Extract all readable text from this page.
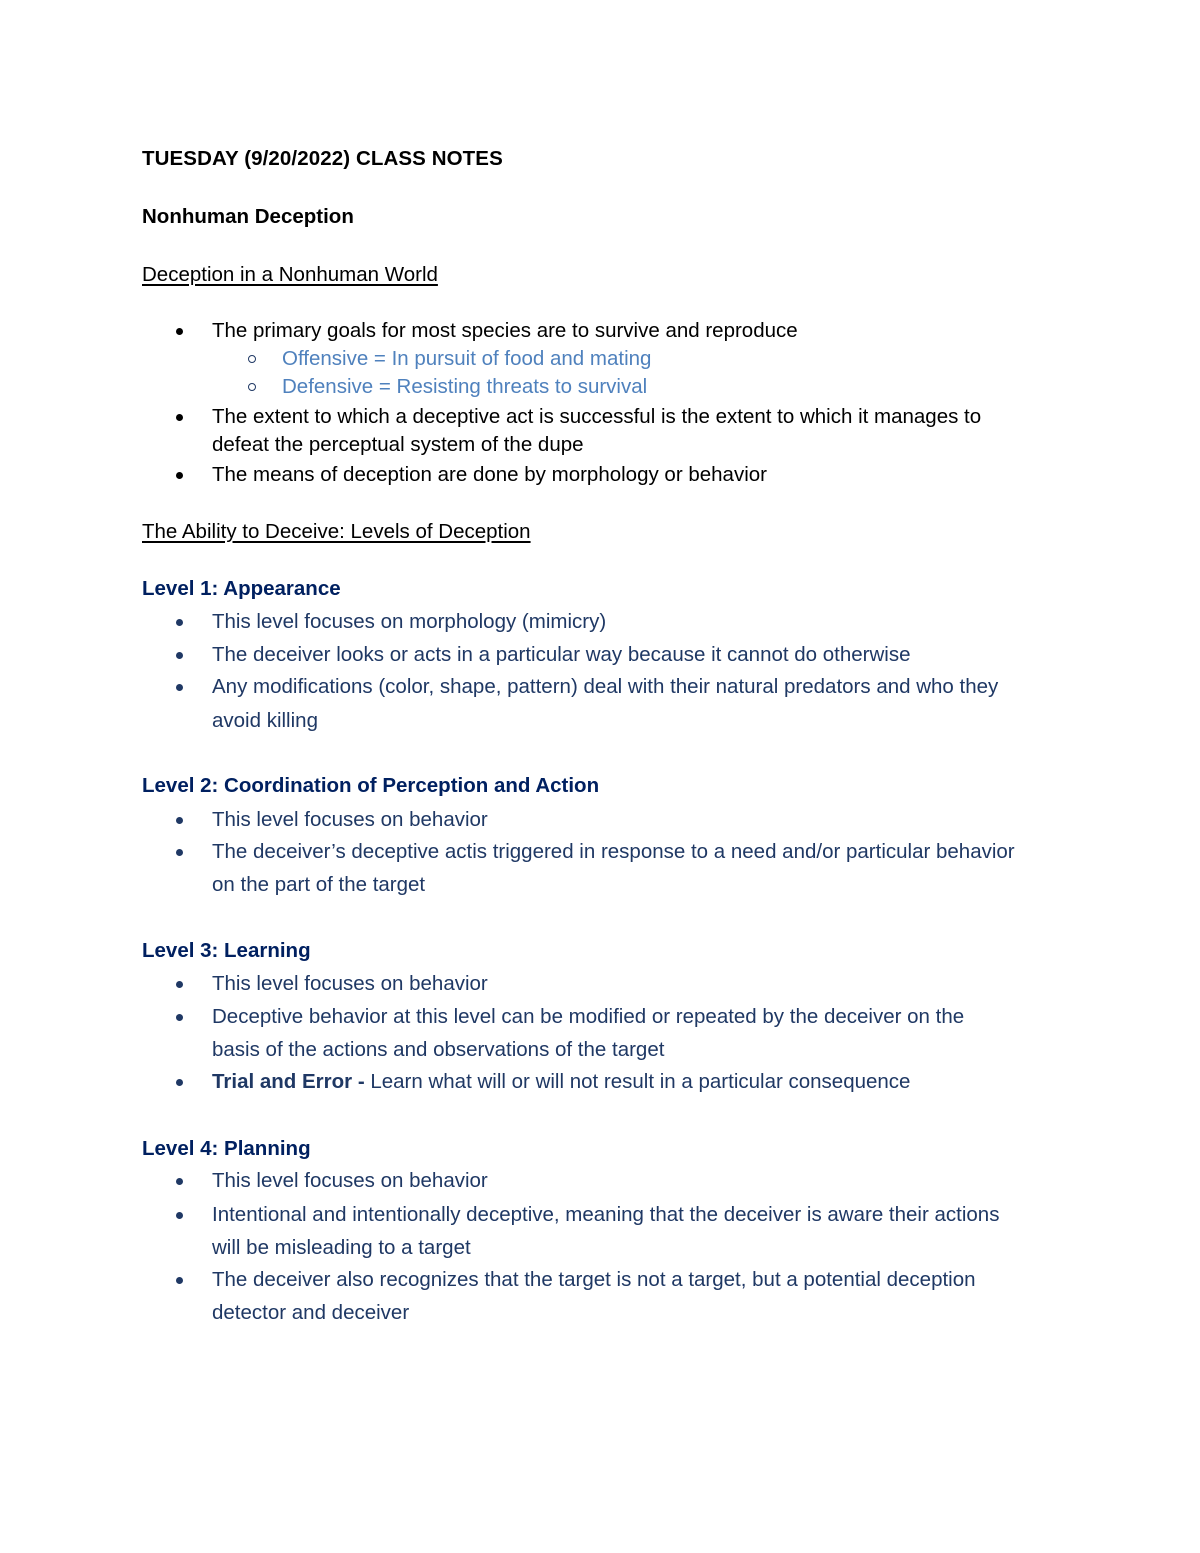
TUESDAY (9/20/2022) CLASS NOTES
Nonhuman Deception
Deception in a Nonhuman World
The primary goals for most species are to survive and reproduce
Offensive = In pursuit of food and mating
Defensive = Resisting threats to survival
The extent to which a deceptive act is successful is the extent to which it manages to
defeat the perceptual system of the dupe
The means of deception are done by morphology or behavior
The Ability to Deceive: Levels of Deception
Level 1: Appearance
This level focuses on morphology (mimicry)
The deceiver looks or acts in a particular way because it cannot do otherwise
Any modifications (color, shape, pattern) deal with their natural predators and who they
avoid killing
Level 2: Coordination of Perception and Action
This level focuses on behavior
The deceiver’s deceptive actis triggered in response to a need and/or particular behavior
on the part of the target
Level 3: Learning
This level focuses on behavior
Deceptive behavior at this level can be modified or repeated by the deceiver on the
basis of the actions and observations of the target
Trial and Error - Learn what will or will not result in a particular consequence
Level 4: Planning
This level focuses on behavior
Intentional and intentionally deceptive, meaning that the deceiver is aware their actions
will be misleading to a target
The deceiver also recognizes that the target is not a target, but a potential deception
detector and deceiver
